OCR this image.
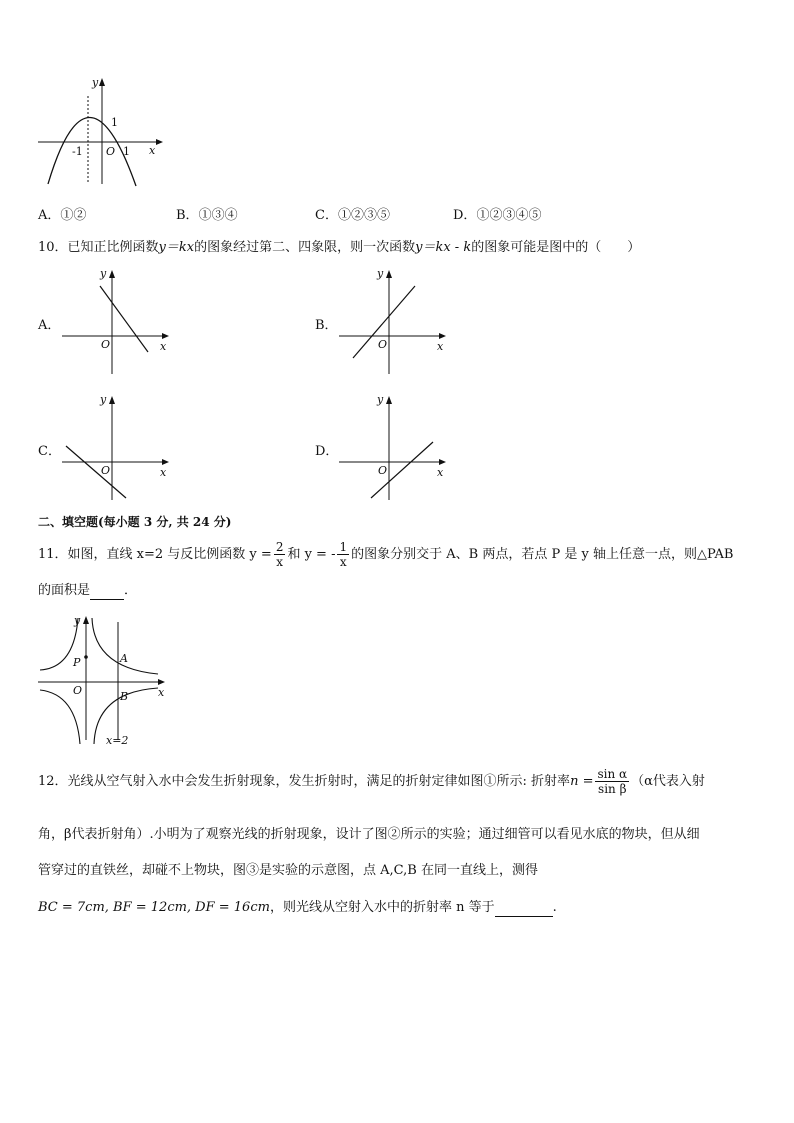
y
x
O
-1	1
1
A．①②	B．①③④	C．①②③⑤	D．①②③④⑤
10．已知正比例函数y＝kx的图象经过第二、四象限，则一次函数y＝kx - k的图象可能是图中的（　　）
A．
y
x
O
B．
y
x
O
C．
y
x
O
D．
y
x
O
二、填空题(每小题 3 分, 共 24 分)
11．如图，直线 x=2 与反比例函数 $y = \frac{2}{x}$ 和 y = - $\frac{1}{x}$ 的图象分别交于 A、B 两点，若点 P 是 y 轴上任意一点，则△PAB
的面积是	．
y
x
O
P	A
B
x=2
12．光线从空气射入水中会发生折射现象，发生折射时，满足的折射定律如图①所示: 折射率$n = \frac{\text{sin α}}{\text{sin β}} (\alpha$代表入射
角，β代表折射角）.小明为了观察光线的折射现象，设计了图②所示的实验；通过细管可以看见水底的物块，但从细
管穿过的直铁丝，却碰不上物块，图③是实验的示意图，点 A,C,B 在同一直线上，测得
BC = 7cm, BF = 12cm, DF = 16cm，则光线从空射入水中的折射率 n 等于	.
